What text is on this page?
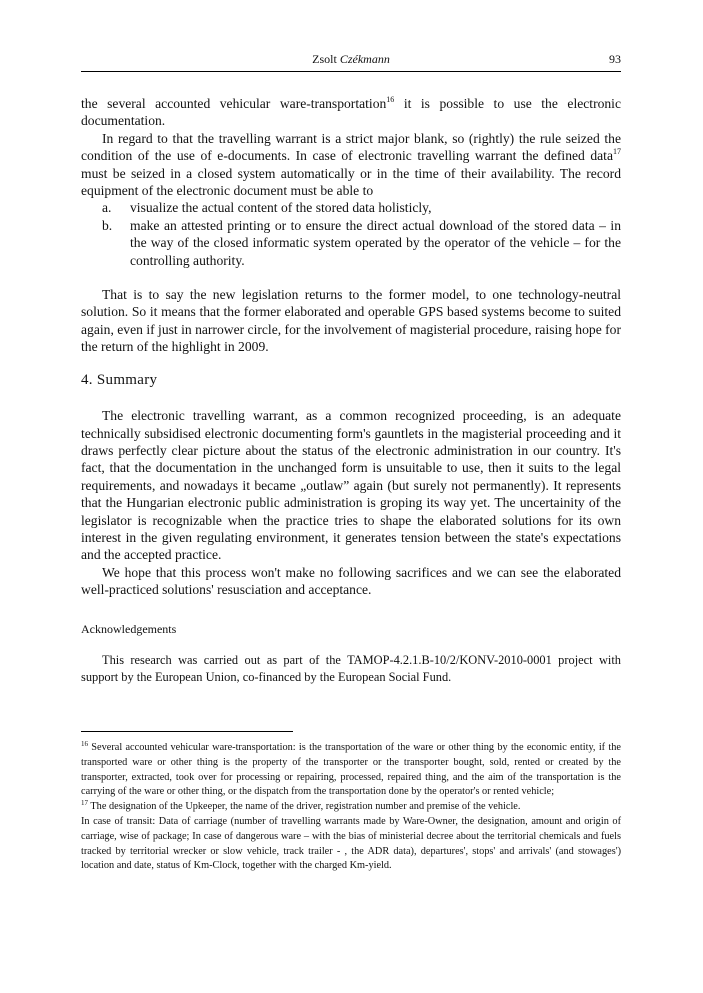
Zsolt Czékmann	93

the several accounted vehicular ware-transportation$^{16}$ it is possible to use the electronic documentation.

In regard to that the travelling warrant is a strict major blank, so (rightly) the rule seized the condition of the use of e-documents. In case of electronic travelling warrant the defined data$^{17}$ must be seized in a closed system automatically or in the time of their availability. The record equipment of the electronic document must be able to

a. visualize the actual content of the stored data holisticly,
b. make an attested printing or to ensure the direct actual download of the stored data – in the way of the closed informatic system operated by the operator of the vehicle – for the controlling authority.

That is to say the new legislation returns to the former model, to one technology-neutral solution. So it means that the former elaborated and operable GPS based systems become to suited again, even if just in narrower circle, for the involvement of magisterial procedure, raising hope for the return of the highlight in 2009.

4. Summary

The electronic travelling warrant, as a common recognized proceeding, is an adequate technically subsidised electronic documenting form's gauntlets in the magisterial proceeding and it draws perfectly clear picture about the status of the electronic administration in our country. It's fact, that the documentation in the unchanged form is unsuitable to use, then it suits to the legal requirements, and nowadays it became „outlaw” again (but surely not permanently). It represents that the Hungarian electronic public administration is groping its way yet. The uncertainity of the legislator is recognizable when the practice tries to shape the elaborated solutions for its own interest in the given regulating environment, it generates tension between the state's expectations and the accepted practice.

We hope that this process won't make no following sacrifices and we can see the elaborated well-practiced solutions' resusciation and acceptance.

Acknowledgements

This research was carried out as part of the TAMOP-4.2.1.B-10/2/KONV-2010-0001 project with support by the European Union, co-financed by the European Social Fund.

$^{16}$ Several accounted vehicular ware-transportation: is the transportation of the ware or other thing by the economic entity, if the transported ware or other thing is the property of the transporter or the transporter bought, sold, rented or created by the transporter, extracted, took over for processing or repairing, processed, repaired thing, and the aim of the transportation is the carrying of the ware or other thing, or the dispatch from the transportation done by the operator's or rented vehicle;

$^{17}$ The designation of the Upkeeper, the name of the driver, registration number and premise of the vehicle.

In case of transit: Data of carriage (number of travelling warrants made by Ware-Owner, the designation, amount and origin of carriage, wise of package; In case of dangerous ware – with the bias of ministerial decree about the territorial chemicals and fuels tracked by territorial wrecker or slow vehicle, track trailer - , the ADR data), departures', stops' and arrivals' (and stowages') location and date, status of Km-Clock, together with the charged Km-yield.
